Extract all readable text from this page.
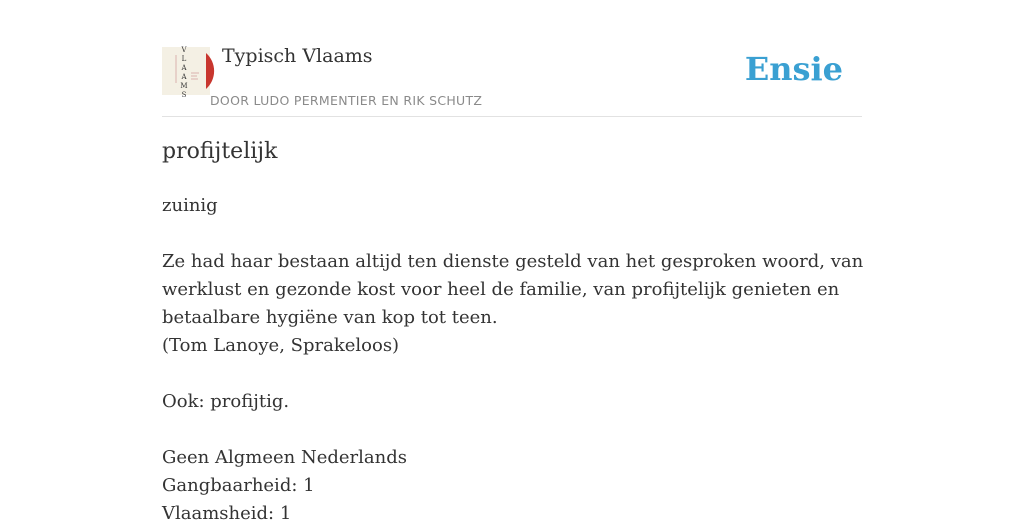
V
L
A
A
M
S
Typisch Vlaams
DOOR LUDO PERMENTIER EN RIK SCHUTZ
Ensie
profijtelijk
zuinig
Ze had haar bestaan altijd ten dienste gesteld van het gesproken woord, van
werklust en gezonde kost voor heel de familie, van profijtelijk genieten en
betaalbare hygiëne van kop tot teen.
(Tom Lanoye, Sprakeloos)
Ook: profijtig.
Geen Algmeen Nederlands
Gangbaarheid: 1
Vlaamsheid: 1
